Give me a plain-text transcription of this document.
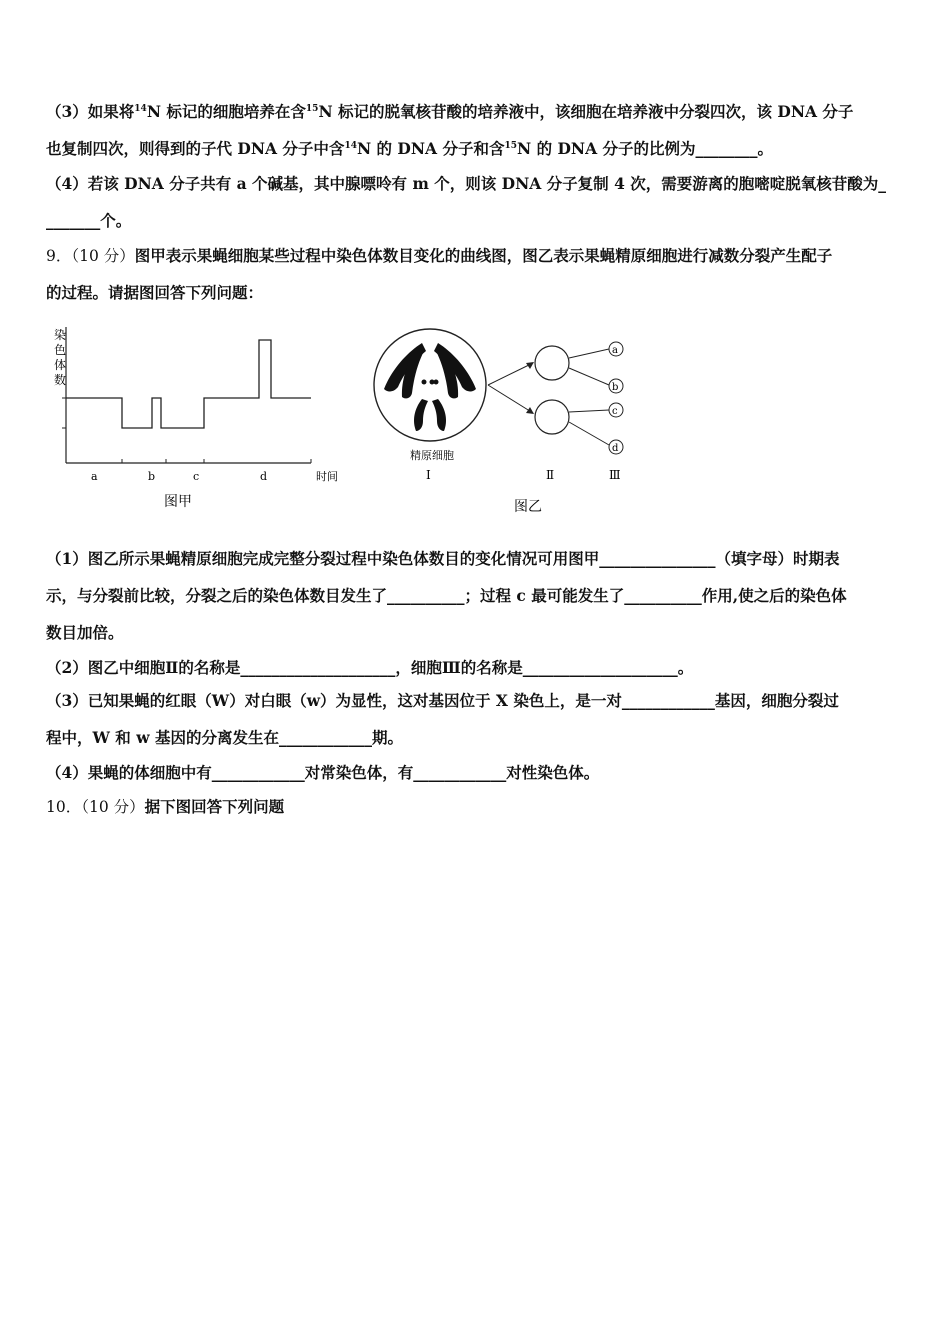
（3）如果将$^{14}$N 标记的细胞培养在含$^{15}$N 标记的脱氧核苷酸的培养液中，该细胞在培养液中分裂四次，该 DNA 分子
也复制四次，则得到的子代 DNA 分子中含$^{14}$N 的 DNA 分子和含$^{15}$N 的 DNA 分子的比例为________。
（4）若该 DNA 分子共有 a 个碱基，其中腺嘌呤有 m 个，则该 DNA 分子复制 4 次，需要游离的胞嘧啶脱氧核苷酸为_
_______个。
9．（10 分）图甲表示果蝇细胞某些过程中染色体数目变化的曲线图，图乙表示果蝇精原细胞进行减数分裂产生配子
的过程。请据图回答下列问题：
染
色
体
数
a	b	c	d	时间
图甲
a
b
c
d
精原细胞
Ⅰ	Ⅱ	Ⅲ
图乙
（1）图乙所示果蝇精原细胞完成完整分裂过程中染色体数目的变化情况可用图甲_______________（填字母）时期表
示，与分裂前比较，分裂之后的染色体数目发生了__________；过程 c 最可能发生了__________作用,使之后的染色体
数目加倍。
（2）图乙中细胞Ⅱ的名称是____________________，细胞Ⅲ的名称是____________________。
（3）已知果蝇的红眼（W）对白眼（w）为显性，这对基因位于 X 染色上，是一对____________基因，细胞分裂过
程中，W 和 w 基因的分离发生在____________期。
（4）果蝇的体细胞中有____________对常染色体，有____________对性染色体。
10．（10 分）据下图回答下列问题
